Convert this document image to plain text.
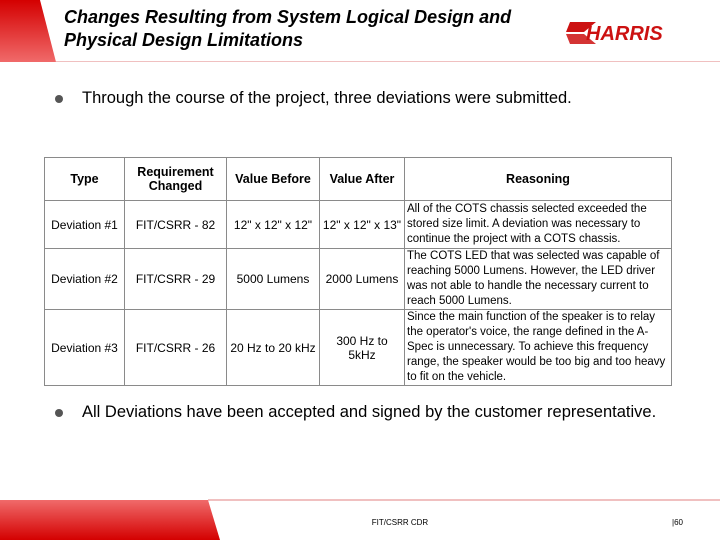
Changes Resulting from System Logical Design and Physical Design Limitations	HARRIS
Through the course of the project, three deviations were submitted.
Type	Requirement Changed	Value Before	Value After	Reasoning
Deviation #1	FIT/CSRR - 82	12" x 12" x 12"	12" x 12" x 13"	All of the COTS chassis selected exceeded the stored size limit. A deviation was necessary to continue the project with a COTS chassis.
Deviation #2	FIT/CSRR - 29	5000 Lumens	2000 Lumens	The COTS LED that was selected was capable of reaching 5000 Lumens. However, the LED driver was not able to handle the necessary current to reach 5000 Lumens.
Deviation #3	FIT/CSRR - 26	20 Hz to 20 kHz	300 Hz to 5kHz	Since the main function of the speaker is to relay the operator's voice, the range defined in the A-Spec is unnecessary. To achieve this frequency range, the speaker would be too big and too heavy to fit on the vehicle.
All Deviations have been accepted and signed by the customer representative.
FIT/CSRR CDR	|60
